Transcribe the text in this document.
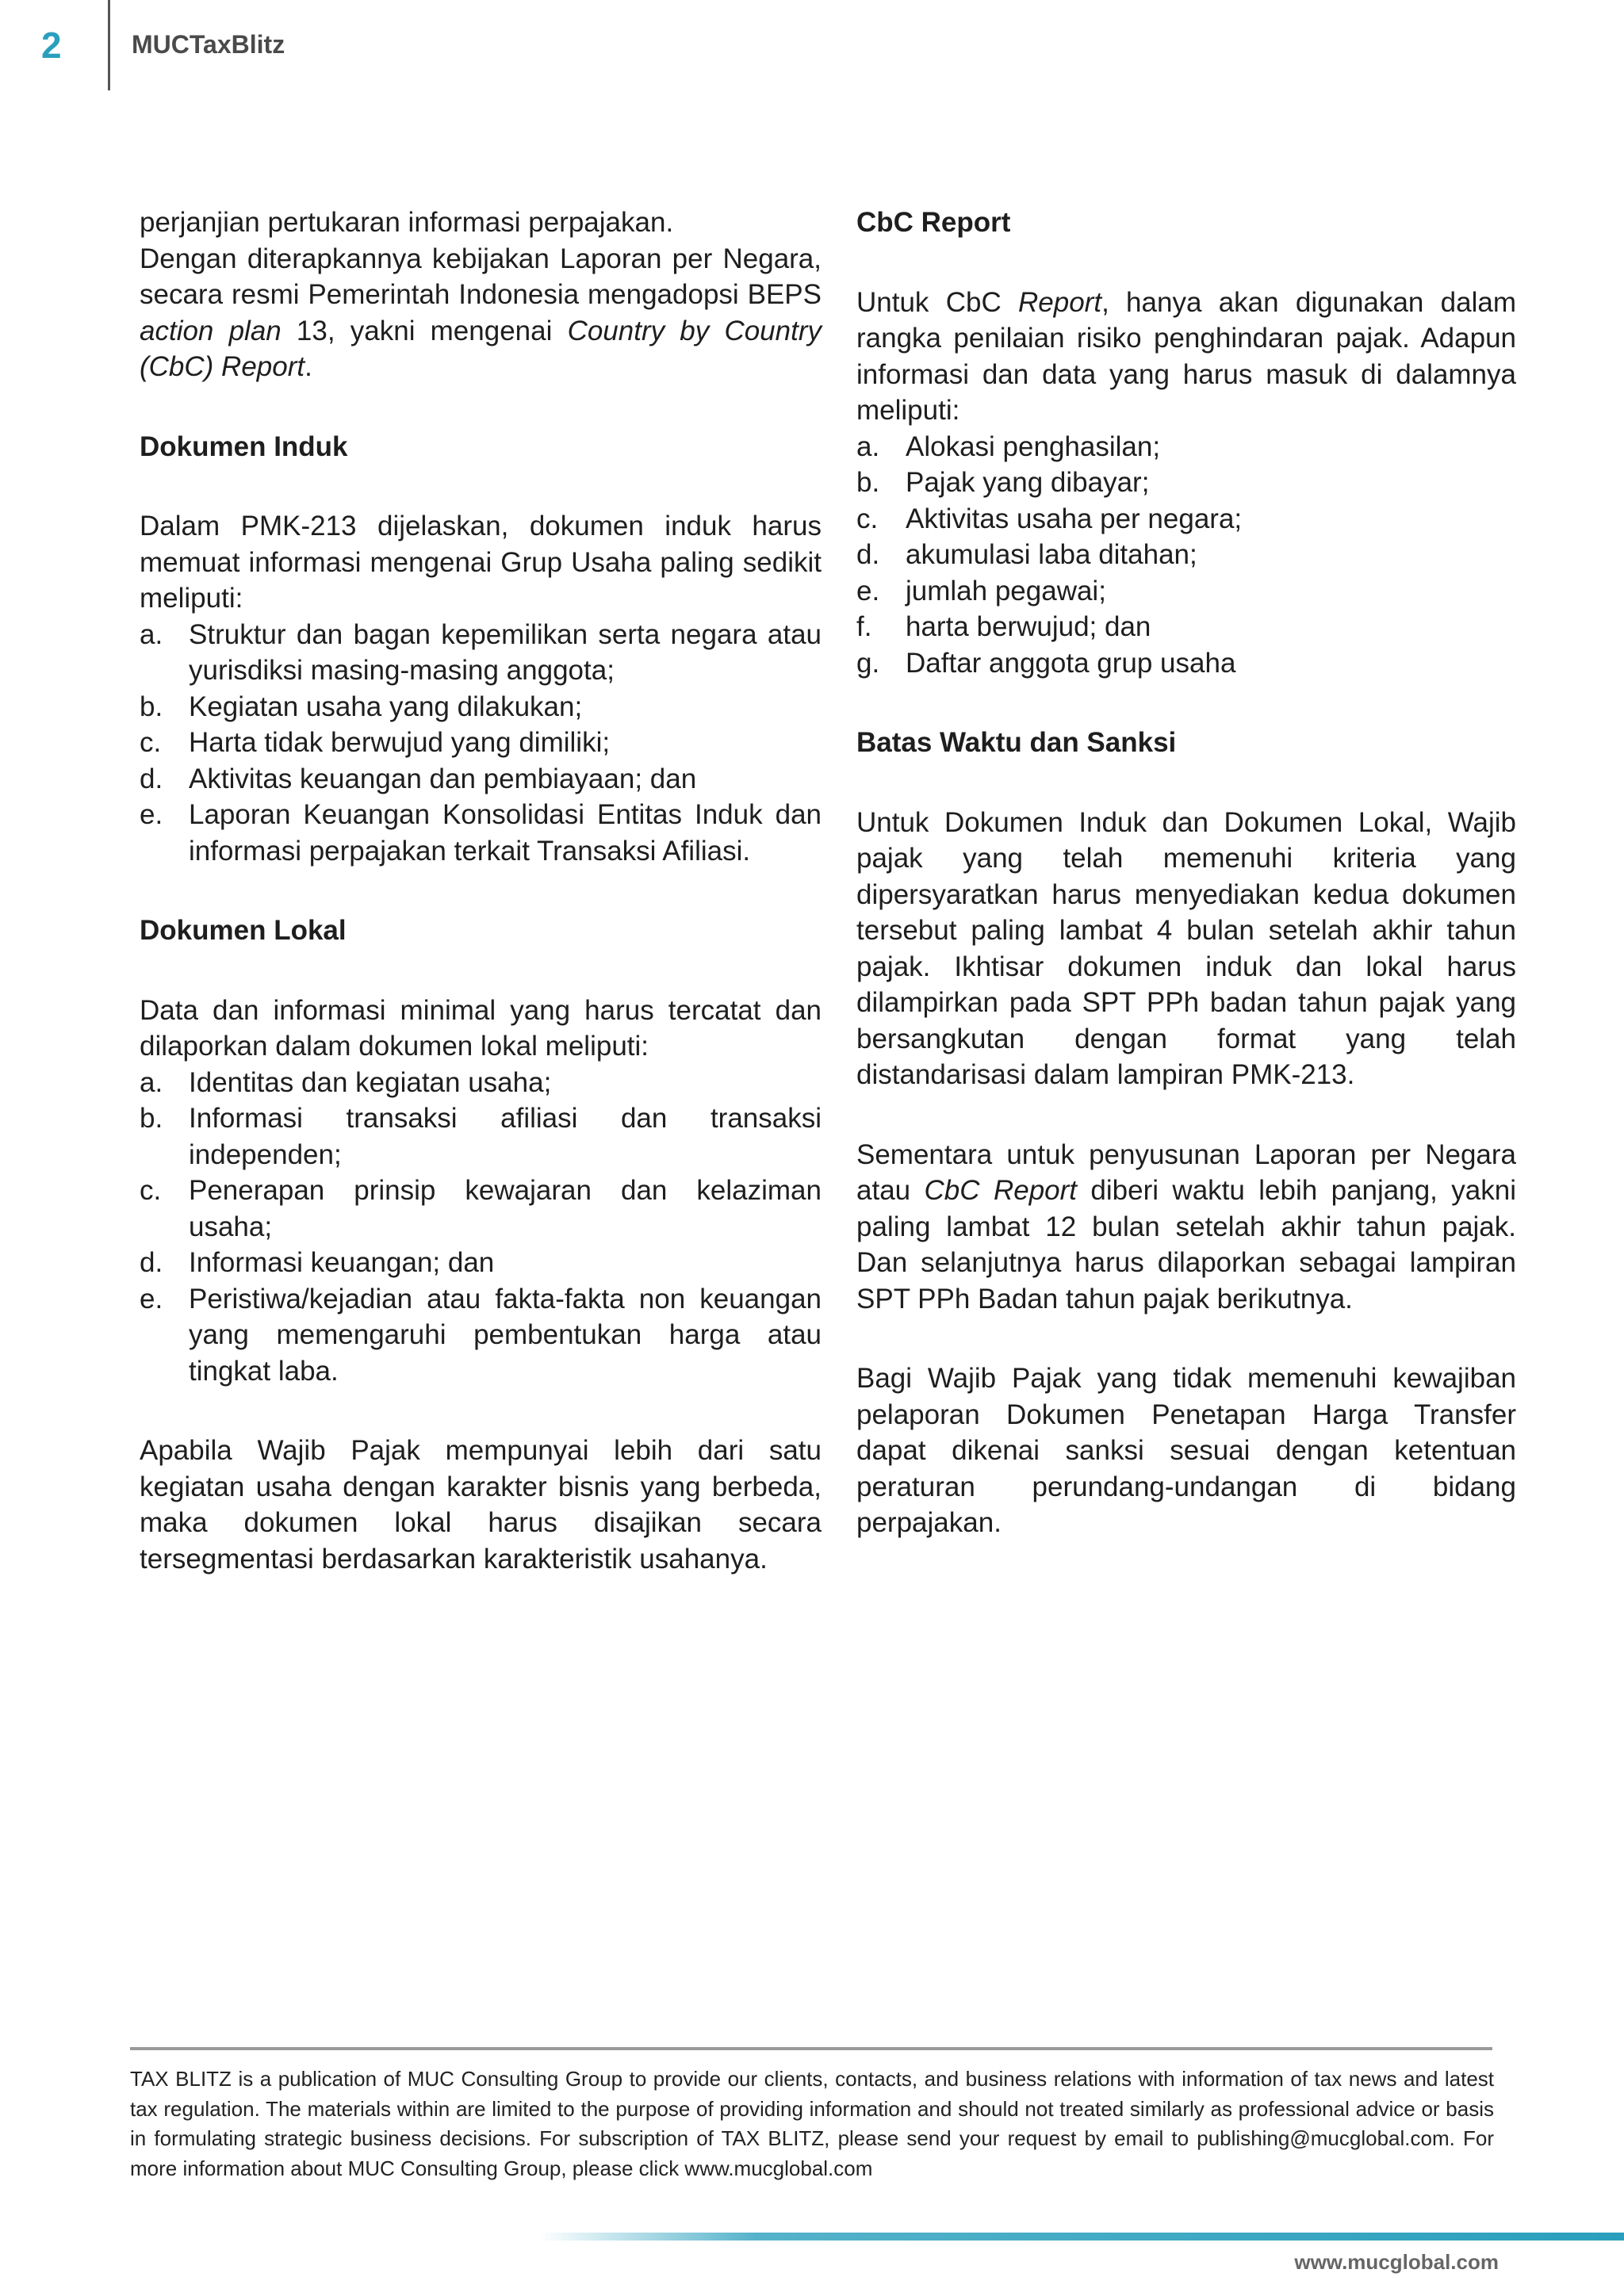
2	MUCTaxBlitz

perjanjian pertukaran informasi perpajakan.

Dengan diterapkannya kebijakan Laporan per Negara, secara resmi Pemerintah Indonesia mengadopsi BEPS action plan 13, yakni mengenai Country by Country (CbC) Report.

Dokumen Induk

Dalam PMK-213 dijelaskan, dokumen induk harus memuat informasi mengenai Grup Usaha paling sedikit meliputi:

a. Struktur dan bagan kepemilikan serta negara atau yurisdiksi masing-masing anggota;
b. Kegiatan usaha yang dilakukan;
c. Harta tidak berwujud yang dimiliki;
d. Aktivitas keuangan dan pembiayaan; dan
e. Laporan Keuangan Konsolidasi Entitas Induk dan informasi perpajakan terkait Transaksi Afiliasi.
Dokumen Lokal

Data dan informasi minimal yang harus tercatat dan dilaporkan dalam dokumen lokal meliputi:

a. Identitas dan kegiatan usaha;
b. Informasi transaksi afiliasi dan transaksi independen;
c. Penerapan prinsip kewajaran dan kelaziman usaha;
d. Informasi keuangan; dan
e. Peristiwa/kejadian atau fakta-fakta non keuangan yang memengaruhi pembentukan harga atau tingkat laba.

Apabila Wajib Pajak mempunyai lebih dari satu kegiatan usaha dengan karakter bisnis yang berbeda, maka dokumen lokal harus disajikan secara tersegmentasi berdasarkan karakteristik usahanya.

CbC Report

Untuk CbC Report, hanya akan digunakan dalam rangka penilaian risiko penghindaran pajak. Adapun informasi dan data yang harus masuk di dalamnya meliputi:

a. Alokasi penghasilan;
b. Pajak yang dibayar;
c. Aktivitas usaha per negara;
d. akumulasi laba ditahan;
e. jumlah pegawai;
f. harta berwujud; dan
g. Daftar anggota grup usaha
Batas Waktu dan Sanksi

Untuk Dokumen Induk dan Dokumen Lokal, Wajib pajak yang telah memenuhi kriteria yang dipersyaratkan harus menyediakan kedua dokumen tersebut paling lambat 4 bulan setelah akhir tahun pajak. Ikhtisar dokumen induk dan lokal harus dilampirkan pada SPT PPh badan tahun pajak yang bersangkutan dengan format yang telah distandarisasi dalam lampiran PMK-213.

Sementara untuk penyusunan Laporan per Negara atau CbC Report diberi waktu lebih panjang, yakni paling lambat 12 bulan setelah akhir tahun pajak. Dan selanjutnya harus dilaporkan sebagai lampiran SPT PPh Badan tahun pajak berikutnya.

Bagi Wajib Pajak yang tidak memenuhi kewajiban pelaporan Dokumen Penetapan Harga Transfer dapat dikenai sanksi sesuai dengan ketentuan peraturan perundang-undangan di bidang perpajakan.

TAX BLITZ is a publication of MUC Consulting Group to provide our clients, contacts, and business relations with information of tax news and latest tax regulation. The materials within are limited to the purpose of providing information and should not treated similarly as professional advice or basis in formulating strategic business decisions. For subscription of TAX BLITZ, please send your request by email to publishing@mucglobal.com. For more information about MUC Consulting Group, please click www.mucglobal.com
www.mucglobal.com
